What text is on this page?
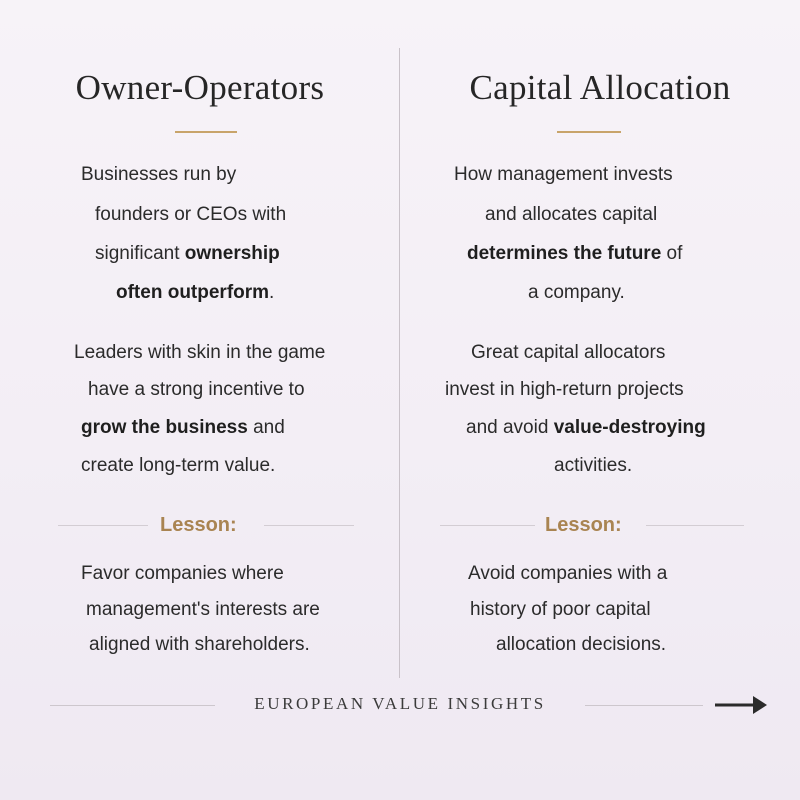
Owner-Operators
Businesses run by
founders or CEOs with
significant ownership
often outperform.
Leaders with skin in the game
have a strong incentive to
grow the business and
create long-term value.
Lesson:
Favor companies where
management's interests are
aligned with shareholders.
Capital Allocation
How management invests
and allocates capital
determines the future of
a company.
Great capital allocators
invest in high-return projects
and avoid value-destroying
activities.
Lesson:
Avoid companies with a
history of poor capital
allocation decisions.
EUROPEAN VALUE INSIGHTS
